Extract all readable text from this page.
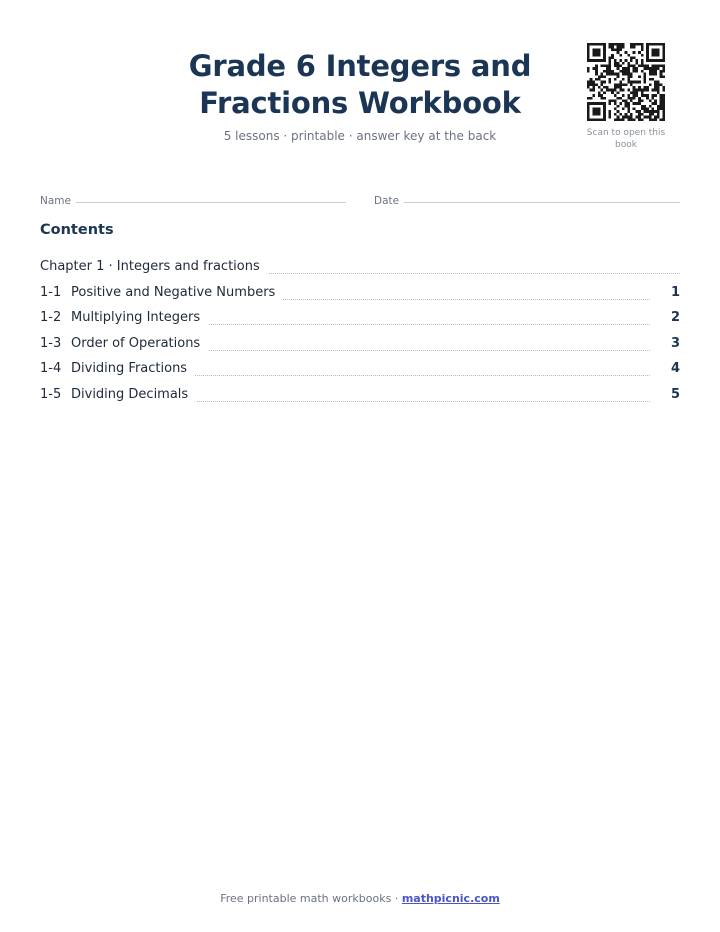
Grade 6 Integers and
Fractions Workbook
5 lessons · printable · answer key at the back	Scan to open this book
Name	Date
Contents
Chapter 1 · Integers and fractions
1-1 Positive and Negative Numbers	1
1-2 Multiplying Integers	2
1-3 Order of Operations	3
1-4 Dividing Fractions	4
1-5 Dividing Decimals	5
Free printable math workbooks · mathpicnic.com
